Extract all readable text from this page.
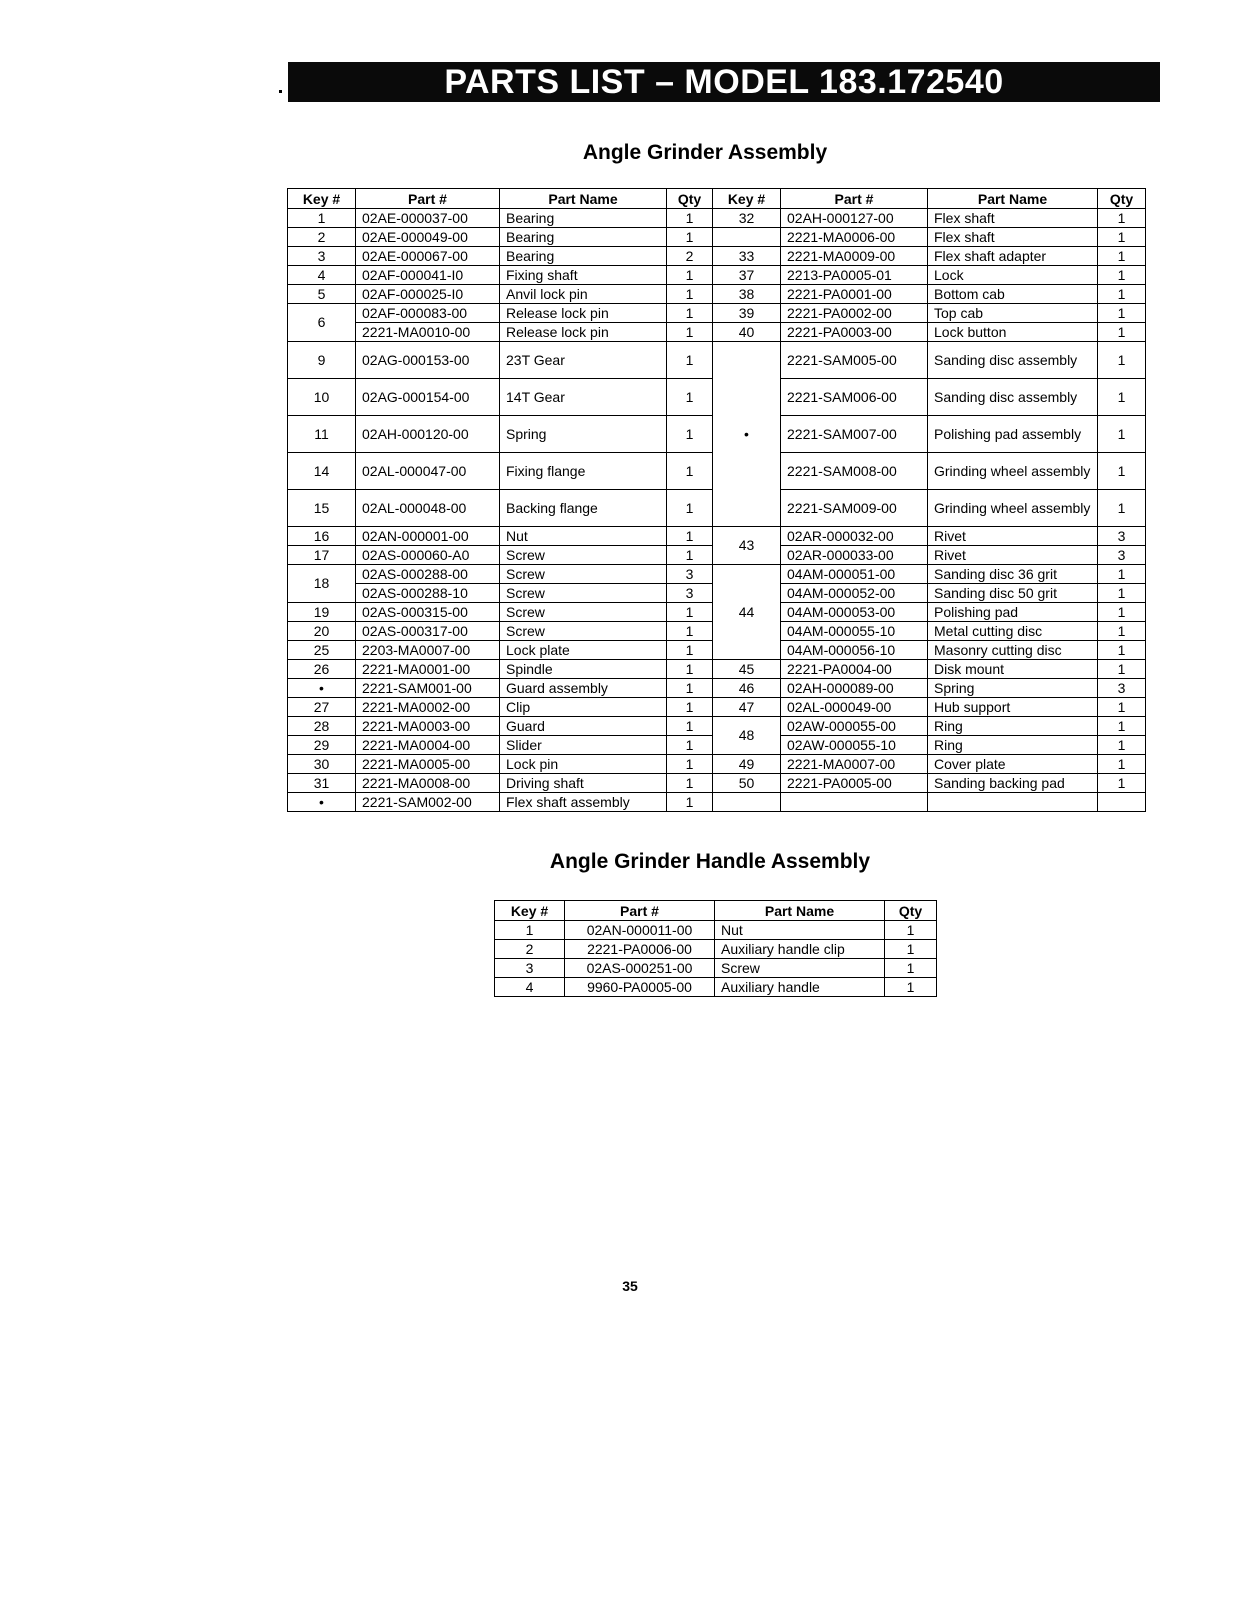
PARTS LIST – MODEL 183.172540
Angle Grinder Assembly
Key #	Part #	Part Name	Qty	Key #	Part #	Part Name	Qty
1	02AE-000037-00	Bearing	1	32	02AH-000127-00	Flex shaft	1
2	02AE-000049-00	Bearing	1		2221-MA0006-00	Flex shaft	1
3	02AE-000067-00	Bearing	2	33	2221-MA0009-00	Flex shaft adapter	1
4	02AF-000041-I0	Fixing shaft	1	37	2213-PA0005-01	Lock	1
5	02AF-000025-I0	Anvil lock pin	1	38	2221-PA0001-00	Bottom cab	1
6	02AF-000083-00	Release lock pin	1	39	2221-PA0002-00	Top cab	1
	2221-MA0010-00	Release lock pin	1	40	2221-PA0003-00	Lock button	1
9	02AG-000153-00	23T Gear	1	•	2221-SAM005-00	Sanding disc assembly	1
10	02AG-000154-00	14T Gear	1		2221-SAM006-00	Sanding disc assembly	1
11	02AH-000120-00	Spring	1		2221-SAM007-00	Polishing pad assembly	1
14	02AL-000047-00	Fixing flange	1		2221-SAM008-00	Grinding wheel assembly	1
15	02AL-000048-00	Backing flange	1		2221-SAM009-00	Grinding wheel assembly	1
16	02AN-000001-00	Nut	1	43	02AR-000032-00	Rivet	3
17	02AS-000060-A0	Screw	1		02AR-000033-00	Rivet	3
18	02AS-000288-00	Screw	3	44	04AM-000051-00	Sanding disc 36 grit	1
	02AS-000288-10	Screw	3		04AM-000052-00	Sanding disc 50 grit	1
19	02AS-000315-00	Screw	1		04AM-000053-00	Polishing pad	1
20	02AS-000317-00	Screw	1		04AM-000055-10	Metal cutting disc	1
25	2203-MA0007-00	Lock plate	1		04AM-000056-10	Masonry cutting disc	1
26	2221-MA0001-00	Spindle	1	45	2221-PA0004-00	Disk mount	1
•	2221-SAM001-00	Guard assembly	1	46	02AH-000089-00	Spring	3
27	2221-MA0002-00	Clip	1	47	02AL-000049-00	Hub support	1
28	2221-MA0003-00	Guard	1	48	02AW-000055-00	Ring	1
29	2221-MA0004-00	Slider	1		02AW-000055-10	Ring	1
30	2221-MA0005-00	Lock pin	1	49	2221-MA0007-00	Cover plate	1
31	2221-MA0008-00	Driving shaft	1	50	2221-PA0005-00	Sanding backing pad	1
•	2221-SAM002-00	Flex shaft assembly	1				
Angle Grinder Handle Assembly
Key #	Part #	Part Name	Qty
1	02AN-000011-00	Nut	1
2	2221-PA0006-00	Auxiliary handle clip	1
3	02AS-000251-00	Screw	1
4	9960-PA0005-00	Auxiliary handle	1
35
